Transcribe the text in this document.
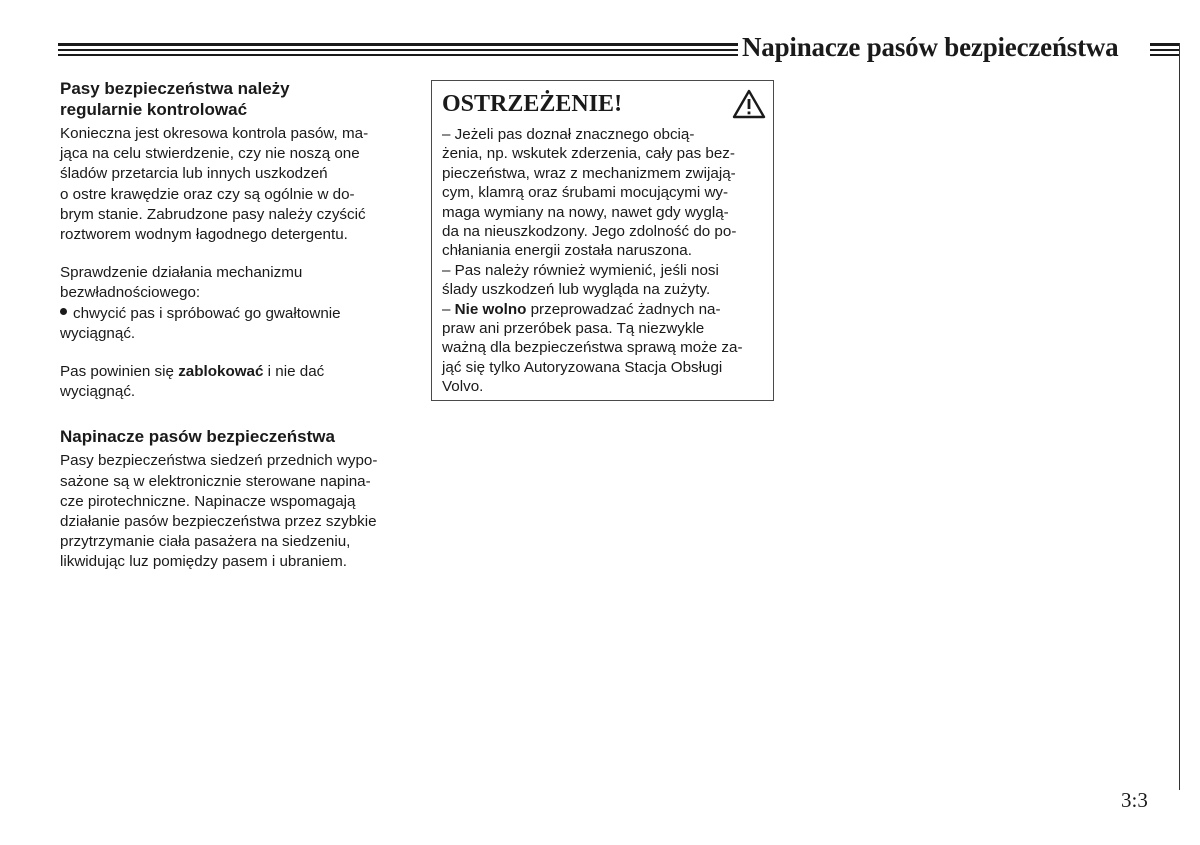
Napinacze pasów bezpieczeństwa
Pasy bezpieczeństwa należy
regularnie kontrolować

Konieczna jest okresowa kontrola pasów, ma-
jąca na celu stwierdzenie, czy nie noszą one
śladów przetarcia lub innych uszkodzeń
o ostre krawędzie oraz czy są ogólnie w do-
brym stanie. Zabrudzone pasy należy czyścić
roztworem wodnym łagodnego detergentu.

Sprawdzenie działania mechanizmu
bezwładnościowego:

chwycić pas i spróbować go gwałtownie
wyciągnąć.

Pas powinien się zablokować i nie dać
wyciągnąć.

Napinacze pasów bezpieczeństwa

Pasy bezpieczeństwa siedzeń przednich wypo-
sażone są w elektronicznie sterowane napina-
cze pirotechniczne. Napinacze wspomagają
działanie pasów bezpieczeństwa przez szybkie
przytrzymanie ciała pasażera na siedzeniu,
likwidując luz pomiędzy pasem i ubraniem.

OSTRZEŻENIE!
– Jeżeli pas doznał znacznego obcią-
żenia, np. wskutek zderzenia, cały pas bez-
pieczeństwa, wraz z mechanizmem zwijają-
cym, klamrą oraz śrubami mocującymi wy-
maga wymiany na nowy, nawet gdy wyglą-
da na nieuszkodzony. Jego zdolność do po-
chłaniania energii została naruszona.
– Pas należy również wymienić, jeśli nosi
ślady uszkodzeń lub wygląda na zużyty.
– Nie wolno przeprowadzać żadnych na-
praw ani przeróbek pasa. Tą niezwykle
ważną dla bezpieczeństwa sprawą może za-
jąć się tylko Autoryzowana Stacja Obsługi
Volvo.
3:3
